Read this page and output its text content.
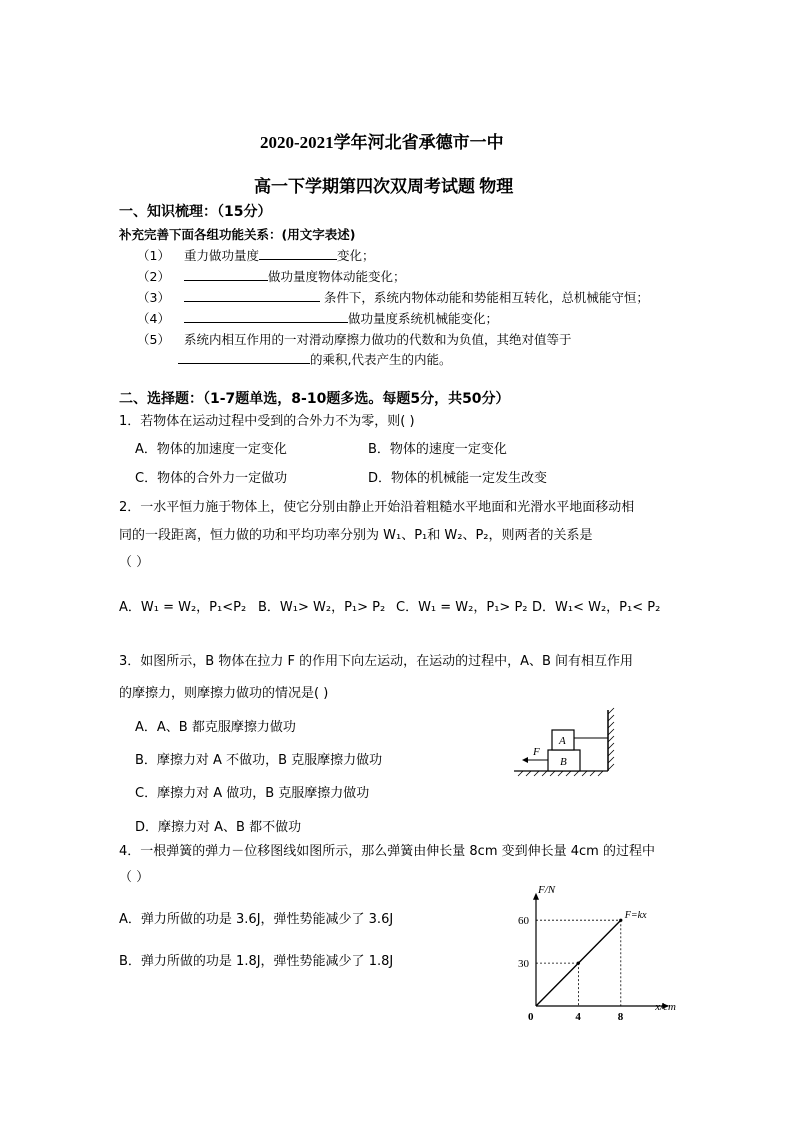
2020-2021学年河北省承德市一中
高一下学期第四次双周考试题 物理
一、知识梳理：（15分）
补充完善下面各组功能关系：(用文字表述)
（1） 重力做功量度	变化；
（2）	做功量度物体动能变化；
（3）	条件下，系统内物体动能和势能相互转化，总机械能守恒；
（4）	做功量度系统机械能变化；
（5） 系统内相互作用的一对滑动摩擦力做功的代数和为负值，其绝对值等于
的乘积,代表产生的内能。
二、选择题：（1-7题单选，8-10题多选。每题5分，共50分）
1．若物体在运动过程中受到的合外力不为零，则( )
A．物体的加速度一定变化	B．物体的速度一定变化
C．物体的合外力一定做功	D．物体的机械能一定发生改变
2．一水平恒力施于物体上，使它分别由静止开始沿着粗糙水平地面和光滑水平地面移动相
同的一段距离，恒力做的功和平均功率分别为 W₁、P₁和 W₂、P₂，则两者的关系是
（ ）
A．W₁ = W₂，P₁<P₂ B．W₁> W₂，P₁> P₂ C．W₁ = W₂，P₁> P₂ D．W₁< W₂，P₁< P₂
3．如图所示，B 物体在拉力 F 的作用下向左运动，在运动的过程中，A、B 间有相互作用
的摩擦力，则摩擦力做功的情况是( )
A．A、B 都克服摩擦力做功
B．摩擦力对 A 不做功，B 克服摩擦力做功
C．摩擦力对 A 做功，B 克服摩擦力做功
D．摩擦力对 A、B 都不做功
B
A
F
4．一根弹簧的弹力－位移图线如图所示，那么弹簧由伸长量 8cm 变到伸长量 4cm 的过程中
（ ）
A．弹力所做的功是 3.6J，弹性势能减少了 3.6J
B．弹力所做的功是 1.8J，弹性势能减少了 1.8J
F/N
x/cm
30
60
0	4	8
F=kx
